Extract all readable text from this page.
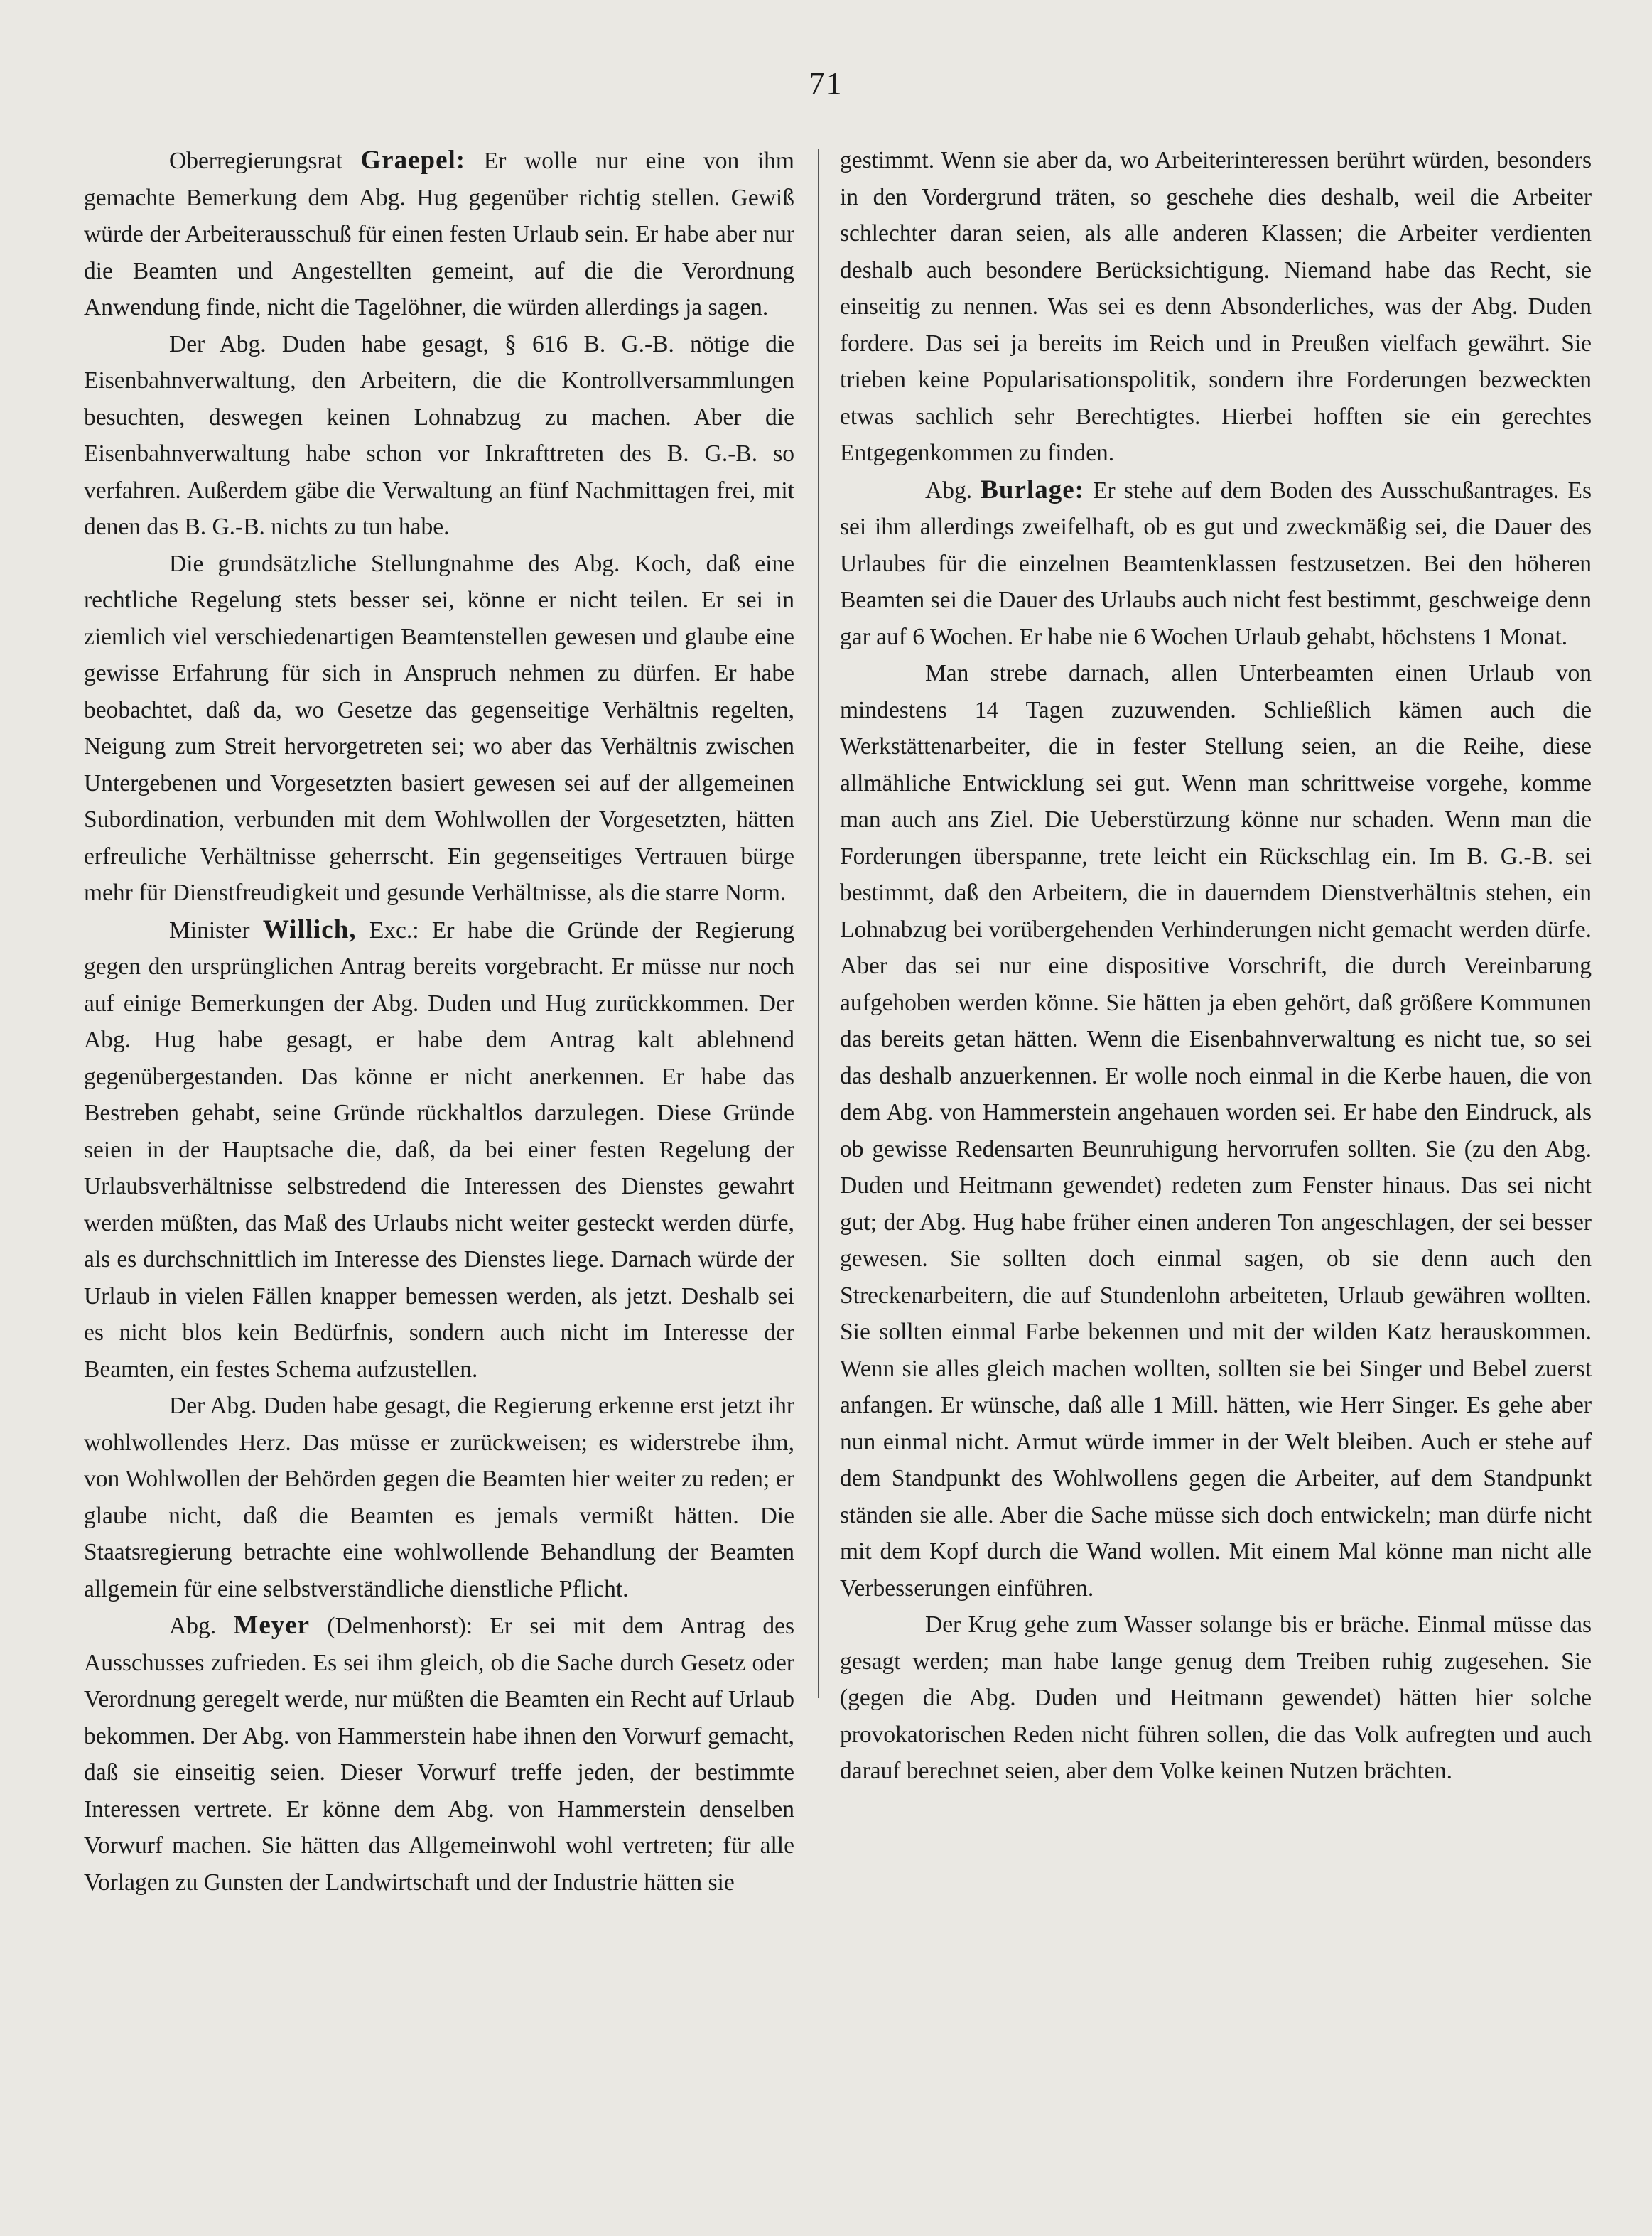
71

Oberregierungsrat Graepel: Er wolle nur eine von ihm gemachte Bemerkung dem Abg. Hug gegenüber richtig stellen. Gewiß würde der Arbeiterausschuß für einen festen Urlaub sein. Er habe aber nur die Beamten und Angestellten gemeint, auf die die Verordnung Anwendung finde, nicht die Tagelöhner, die würden allerdings ja sagen.

Der Abg. Duden habe gesagt, § 616 B. G.-B. nötige die Eisenbahnverwaltung, den Arbeitern, die die Kontrollversammlungen besuchten, deswegen keinen Lohnabzug zu machen. Aber die Eisenbahnverwaltung habe schon vor Inkrafttreten des B. G.-B. so verfahren. Außerdem gäbe die Verwaltung an fünf Nachmittagen frei, mit denen das B. G.-B. nichts zu tun habe.

Die grundsätzliche Stellungnahme des Abg. Koch, daß eine rechtliche Regelung stets besser sei, könne er nicht teilen. Er sei in ziemlich viel verschiedenartigen Beamtenstellen gewesen und glaube eine gewisse Erfahrung für sich in Anspruch nehmen zu dürfen. Er habe beobachtet, daß da, wo Gesetze das gegenseitige Verhältnis regelten, Neigung zum Streit hervorgetreten sei; wo aber das Verhältnis zwischen Untergebenen und Vorgesetzten basiert gewesen sei auf der allgemeinen Subordination, verbunden mit dem Wohlwollen der Vorgesetzten, hätten erfreuliche Verhältnisse geherrscht. Ein gegenseitiges Vertrauen bürge mehr für Dienstfreudigkeit und gesunde Verhältnisse, als die starre Norm.

Minister Willich, Exc.: Er habe die Gründe der Regierung gegen den ursprünglichen Antrag bereits vorgebracht. Er müsse nur noch auf einige Bemerkungen der Abg. Duden und Hug zurückkommen. Der Abg. Hug habe gesagt, er habe dem Antrag kalt ablehnend gegenübergestanden. Das könne er nicht anerkennen. Er habe das Bestreben gehabt, seine Gründe rückhaltlos darzulegen. Diese Gründe seien in der Hauptsache die, daß, da bei einer festen Regelung der Urlaubsverhältnisse selbstredend die Interessen des Dienstes gewahrt werden müßten, das Maß des Urlaubs nicht weiter gesteckt werden dürfe, als es durchschnittlich im Interesse des Dienstes liege. Darnach würde der Urlaub in vielen Fällen knapper bemessen werden, als jetzt. Deshalb sei es nicht blos kein Bedürfnis, sondern auch nicht im Interesse der Beamten, ein festes Schema aufzustellen.

Der Abg. Duden habe gesagt, die Regierung erkenne erst jetzt ihr wohlwollendes Herz. Das müsse er zurückweisen; es widerstrebe ihm, von Wohlwollen der Behörden gegen die Beamten hier weiter zu reden; er glaube nicht, daß die Beamten es jemals vermißt hätten. Die Staatsregierung betrachte eine wohlwollende Behandlung der Beamten allgemein für eine selbstverständliche dienstliche Pflicht.

Abg. Meyer (Delmenhorst): Er sei mit dem Antrag des Ausschusses zufrieden. Es sei ihm gleich, ob die Sache durch Gesetz oder Verordnung geregelt werde, nur müßten die Beamten ein Recht auf Urlaub bekommen. Der Abg. von Hammerstein habe ihnen den Vorwurf gemacht, daß sie einseitig seien. Dieser Vorwurf treffe jeden, der bestimmte Interessen vertrete. Er könne dem Abg. von Hammerstein denselben Vorwurf machen. Sie hätten das Allgemeinwohl wohl vertreten; für alle Vorlagen zu Gunsten der Landwirtschaft und der Industrie hätten sie

gestimmt. Wenn sie aber da, wo Arbeiterinteressen berührt würden, besonders in den Vordergrund träten, so geschehe dies deshalb, weil die Arbeiter schlechter daran seien, als alle anderen Klassen; die Arbeiter verdienten deshalb auch besondere Berücksichtigung. Niemand habe das Recht, sie einseitig zu nennen. Was sei es denn Absonderliches, was der Abg. Duden fordere. Das sei ja bereits im Reich und in Preußen vielfach gewährt. Sie trieben keine Popularisationspolitik, sondern ihre Forderungen bezweckten etwas sachlich sehr Berechtigtes. Hierbei hofften sie ein gerechtes Entgegenkommen zu finden.

Abg. Burlage: Er stehe auf dem Boden des Ausschußantrages. Es sei ihm allerdings zweifelhaft, ob es gut und zweckmäßig sei, die Dauer des Urlaubes für die einzelnen Beamtenklassen festzusetzen. Bei den höheren Beamten sei die Dauer des Urlaubs auch nicht fest bestimmt, geschweige denn gar auf 6 Wochen. Er habe nie 6 Wochen Urlaub gehabt, höchstens 1 Monat.

Man strebe darnach, allen Unterbeamten einen Urlaub von mindestens 14 Tagen zuzuwenden. Schließlich kämen auch die Werkstättenarbeiter, die in fester Stellung seien, an die Reihe, diese allmähliche Entwicklung sei gut. Wenn man schrittweise vorgehe, komme man auch ans Ziel. Die Ueberstürzung könne nur schaden. Wenn man die Forderungen überspanne, trete leicht ein Rückschlag ein. Im B. G.-B. sei bestimmt, daß den Arbeitern, die in dauerndem Dienstverhältnis stehen, ein Lohnabzug bei vorübergehenden Verhinderungen nicht gemacht werden dürfe. Aber das sei nur eine dispositive Vorschrift, die durch Vereinbarung aufgehoben werden könne. Sie hätten ja eben gehört, daß größere Kommunen das bereits getan hätten. Wenn die Eisenbahnverwaltung es nicht tue, so sei das deshalb anzuerkennen. Er wolle noch einmal in die Kerbe hauen, die von dem Abg. von Hammerstein angehauen worden sei. Er habe den Eindruck, als ob gewisse Redensarten Beunruhigung hervorrufen sollten. Sie (zu den Abg. Duden und Heitmann gewendet) redeten zum Fenster hinaus. Das sei nicht gut; der Abg. Hug habe früher einen anderen Ton angeschlagen, der sei besser gewesen. Sie sollten doch einmal sagen, ob sie denn auch den Streckenarbeitern, die auf Stundenlohn arbeiteten, Urlaub gewähren wollten. Sie sollten einmal Farbe bekennen und mit der wilden Katz herauskommen. Wenn sie alles gleich machen wollten, sollten sie bei Singer und Bebel zuerst anfangen. Er wünsche, daß alle 1 Mill. hätten, wie Herr Singer. Es gehe aber nun einmal nicht. Armut würde immer in der Welt bleiben. Auch er stehe auf dem Standpunkt des Wohlwollens gegen die Arbeiter, auf dem Standpunkt ständen sie alle. Aber die Sache müsse sich doch entwickeln; man dürfe nicht mit dem Kopf durch die Wand wollen. Mit einem Mal könne man nicht alle Verbesserungen einführen.

Der Krug gehe zum Wasser solange bis er bräche. Einmal müsse das gesagt werden; man habe lange genug dem Treiben ruhig zugesehen. Sie (gegen die Abg. Duden und Heitmann gewendet) hätten hier solche provokatorischen Reden nicht führen sollen, die das Volk aufregten und auch darauf berechnet seien, aber dem Volke keinen Nutzen brächten.
